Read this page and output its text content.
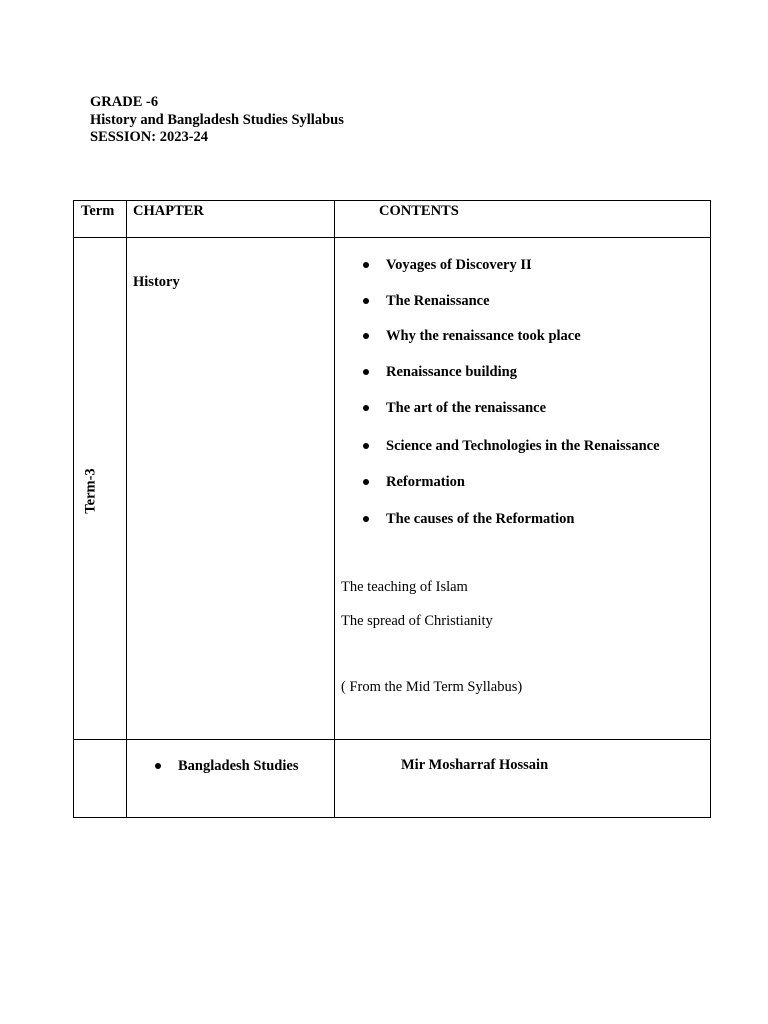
GRADE -6
History and Bangladesh Studies Syllabus
SESSION: 2023-24
Term CHAPTER	CONTENTS
Term-3
History
Voyages of Discovery II
The Renaissance
Why the renaissance took place
Renaissance building
The art of the renaissance
Science and Technologies in the Renaissance
Reformation
The causes of the Reformation
The teaching of Islam
The spread of Christianity
( From the Mid Term Syllabus)
Bangladesh Studies	Mir Mosharraf Hossain
